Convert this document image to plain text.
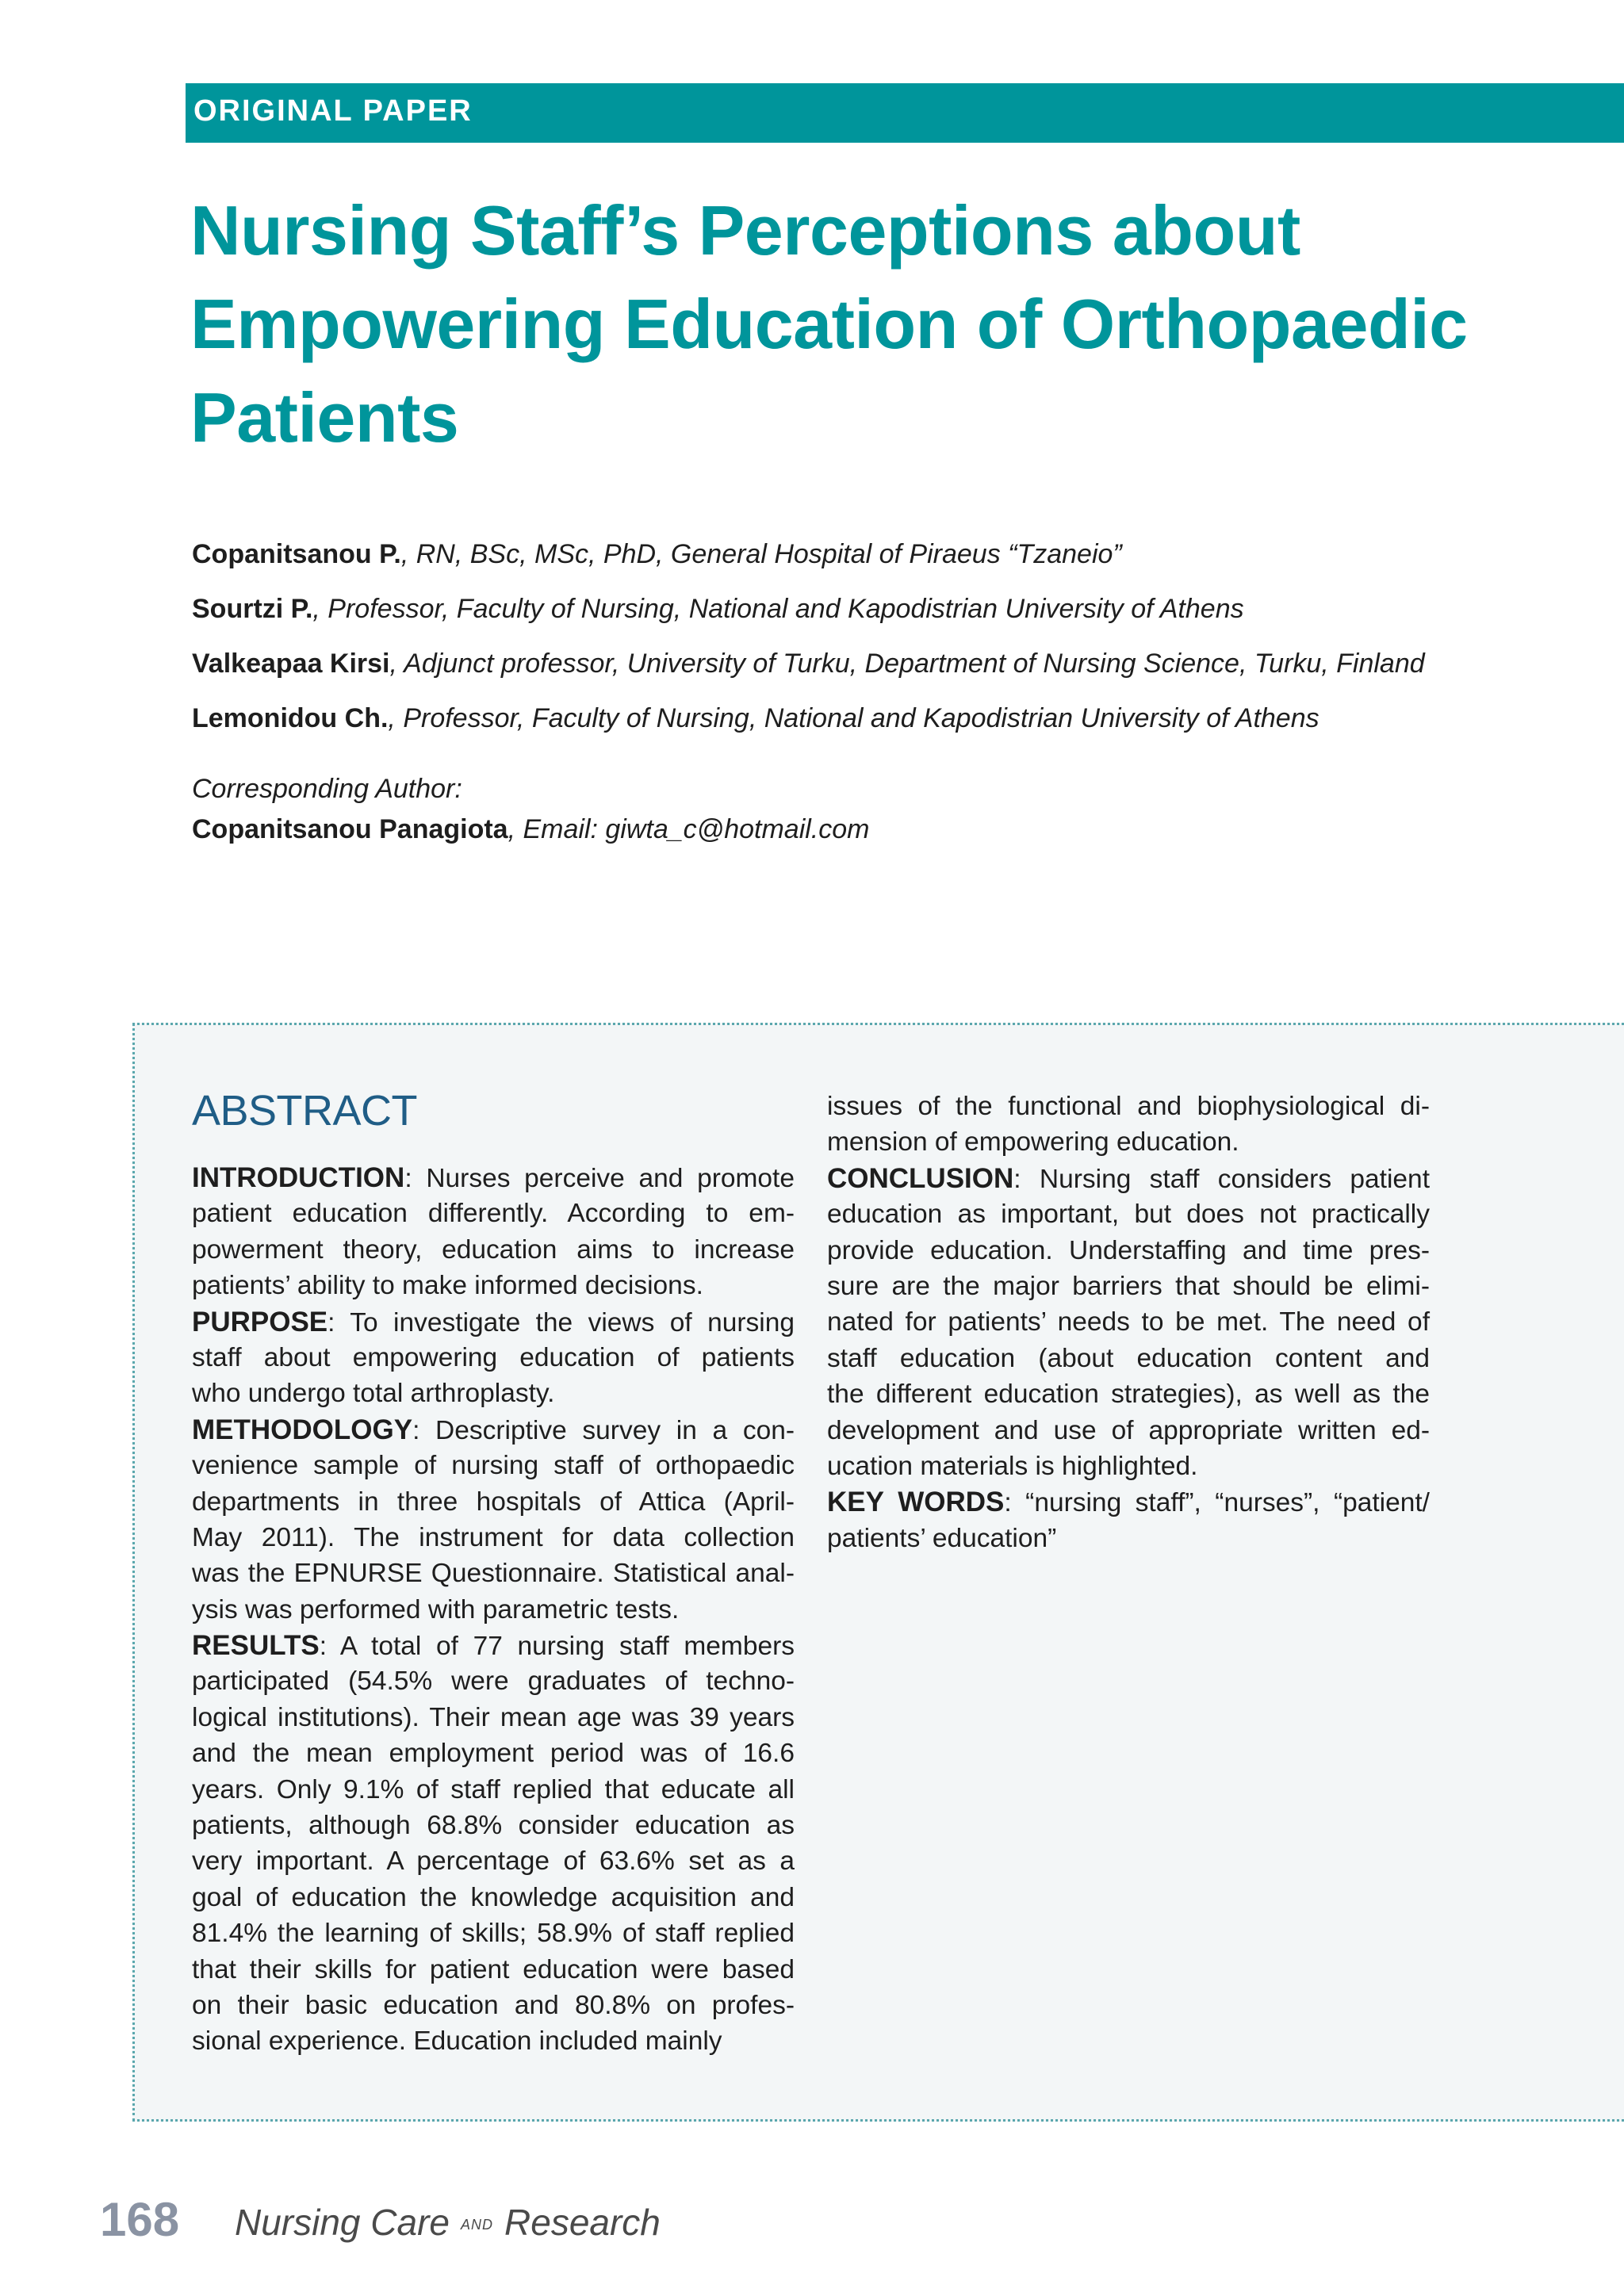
ORIGINAL PAPER
Nursing Staff’s Perceptions about
Empowering Education of Orthopaedic
Patients
Copanitsanou P., RN, BSc, MSc, PhD, General Hospital of Piraeus “Tzaneio”
Sourtzi P., Professor, Faculty of Nursing, National and Kapodistrian University of Athens
Valkeapaa Kirsi, Adjunct professor, University of Turku, Department of Nursing Science, Turku, Finland
Lemonidou Ch., Professor, Faculty of Nursing, National and Kapodistrian University of Athens
Corresponding Author:
Copanitsanou Panagiota, Email: giwta_c@hotmail.com
ABSTRACT
INTRODUCTION: Nurses perceive and promote
patient education differently. According to em-
powerment theory, education aims to increase
patients’ ability to make informed decisions.
PURPOSE: To investigate the views of nursing
staff about empowering education of patients
who undergo total arthroplasty.
METHODOLOGY: Descriptive survey in a con-
venience sample of nursing staff of orthopaedic
departments in three hospitals of Attica (April-
May 2011). The instrument for data collection
was the EPNURSE Questionnaire. Statistical anal-
ysis was performed with parametric tests.
RESULTS: A total of 77 nursing staff members
participated (54.5% were graduates of techno-
logical institutions). Their mean age was 39 years
and the mean employment period was of 16.6
years. Only 9.1% of staff replied that educate all
patients, although 68.8% consider education as
very important. A percentage of 63.6% set as a
goal of education the knowledge acquisition and
81.4% the learning of skills; 58.9% of staff replied
that their skills for patient education were based
on their basic education and 80.8% on profes-
sional experience. Education included mainly
issues of the functional and biophysiological di-
mension of empowering education.
CONCLUSION: Nursing staff considers patient
education as important, but does not practically
provide education. Understaffing and time pres-
sure are the major barriers that should be elimi-
nated for patients’ needs to be met. The need of
staff education (about education content and
the different education strategies), as well as the
development and use of appropriate written ed-
ucation materials is highlighted.
KEY WORDS: “nursing staff”, “nurses”, “patient/
patients’ education”
168 Nursing Care AND Research
